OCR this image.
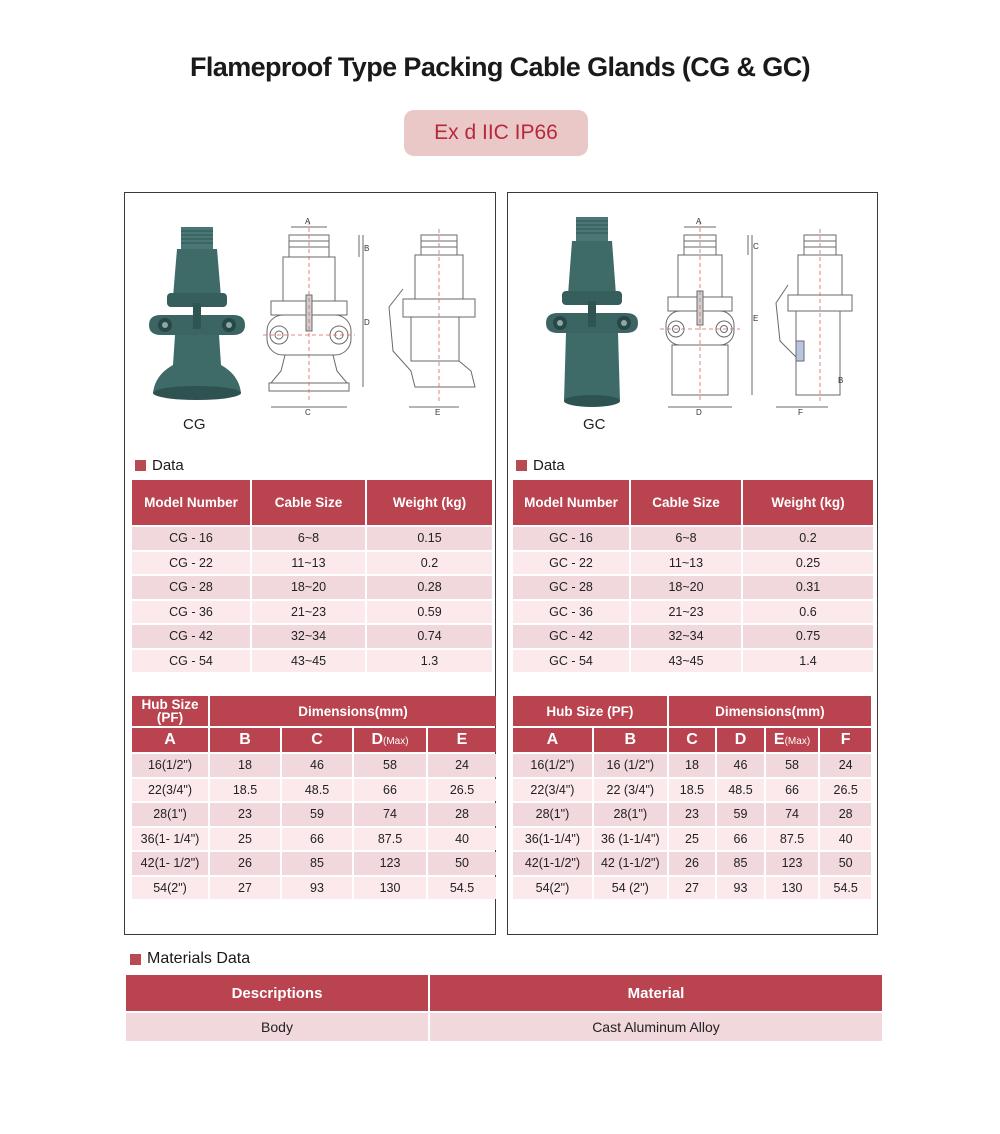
Flameproof Type Packing Cable Glands (CG & GC)
Ex d IIC IP66
CG
A
B
C
D
E
Data
Model Number	Cable Size	Weight (kg)
CG - 16	6~8	0.15
CG - 22	11~13	0.2
CG - 28	18~20	0.28
CG - 36	21~23	0.59
CG - 42	32~34	0.74
CG - 54	43~45	1.3
Hub Size (PF)	Dimensions(mm)			
A	B	C	D(Max)	E
16(1/2")	18	46	58	24
22(3/4")	18.5	48.5	66	26.5
28(1")	23	59	74	28
36(1- 1/4")	25	66	87.5	40
42(1- 1/2")	26	85	123	50
54(2")	27	93	130	54.5
GC
A
B
C
D
E
F
Data
Model Number	Cable Size	Weight (kg)
GC - 16	6~8	0.2
GC - 22	11~13	0.25
GC - 28	18~20	0.31
GC - 36	21~23	0.6
GC - 42	32~34	0.75
GC - 54	43~45	1.4
Hub Size (PF)		Dimensions(mm)			
A	B	C	D	E(Max)	F
16(1/2")	16 (1/2")	18	46	58	24
22(3/4")	22 (3/4")	18.5	48.5	66	26.5
28(1")	28(1")	23	59	74	28
36(1-1/4")	36 (1-1/4")	25	66	87.5	40
42(1-1/2")	42 (1-1/2")	26	85	123	50
54(2")	54 (2")	27	93	130	54.5
Materials Data
Descriptions	Material
Body	Cast Aluminum Alloy
